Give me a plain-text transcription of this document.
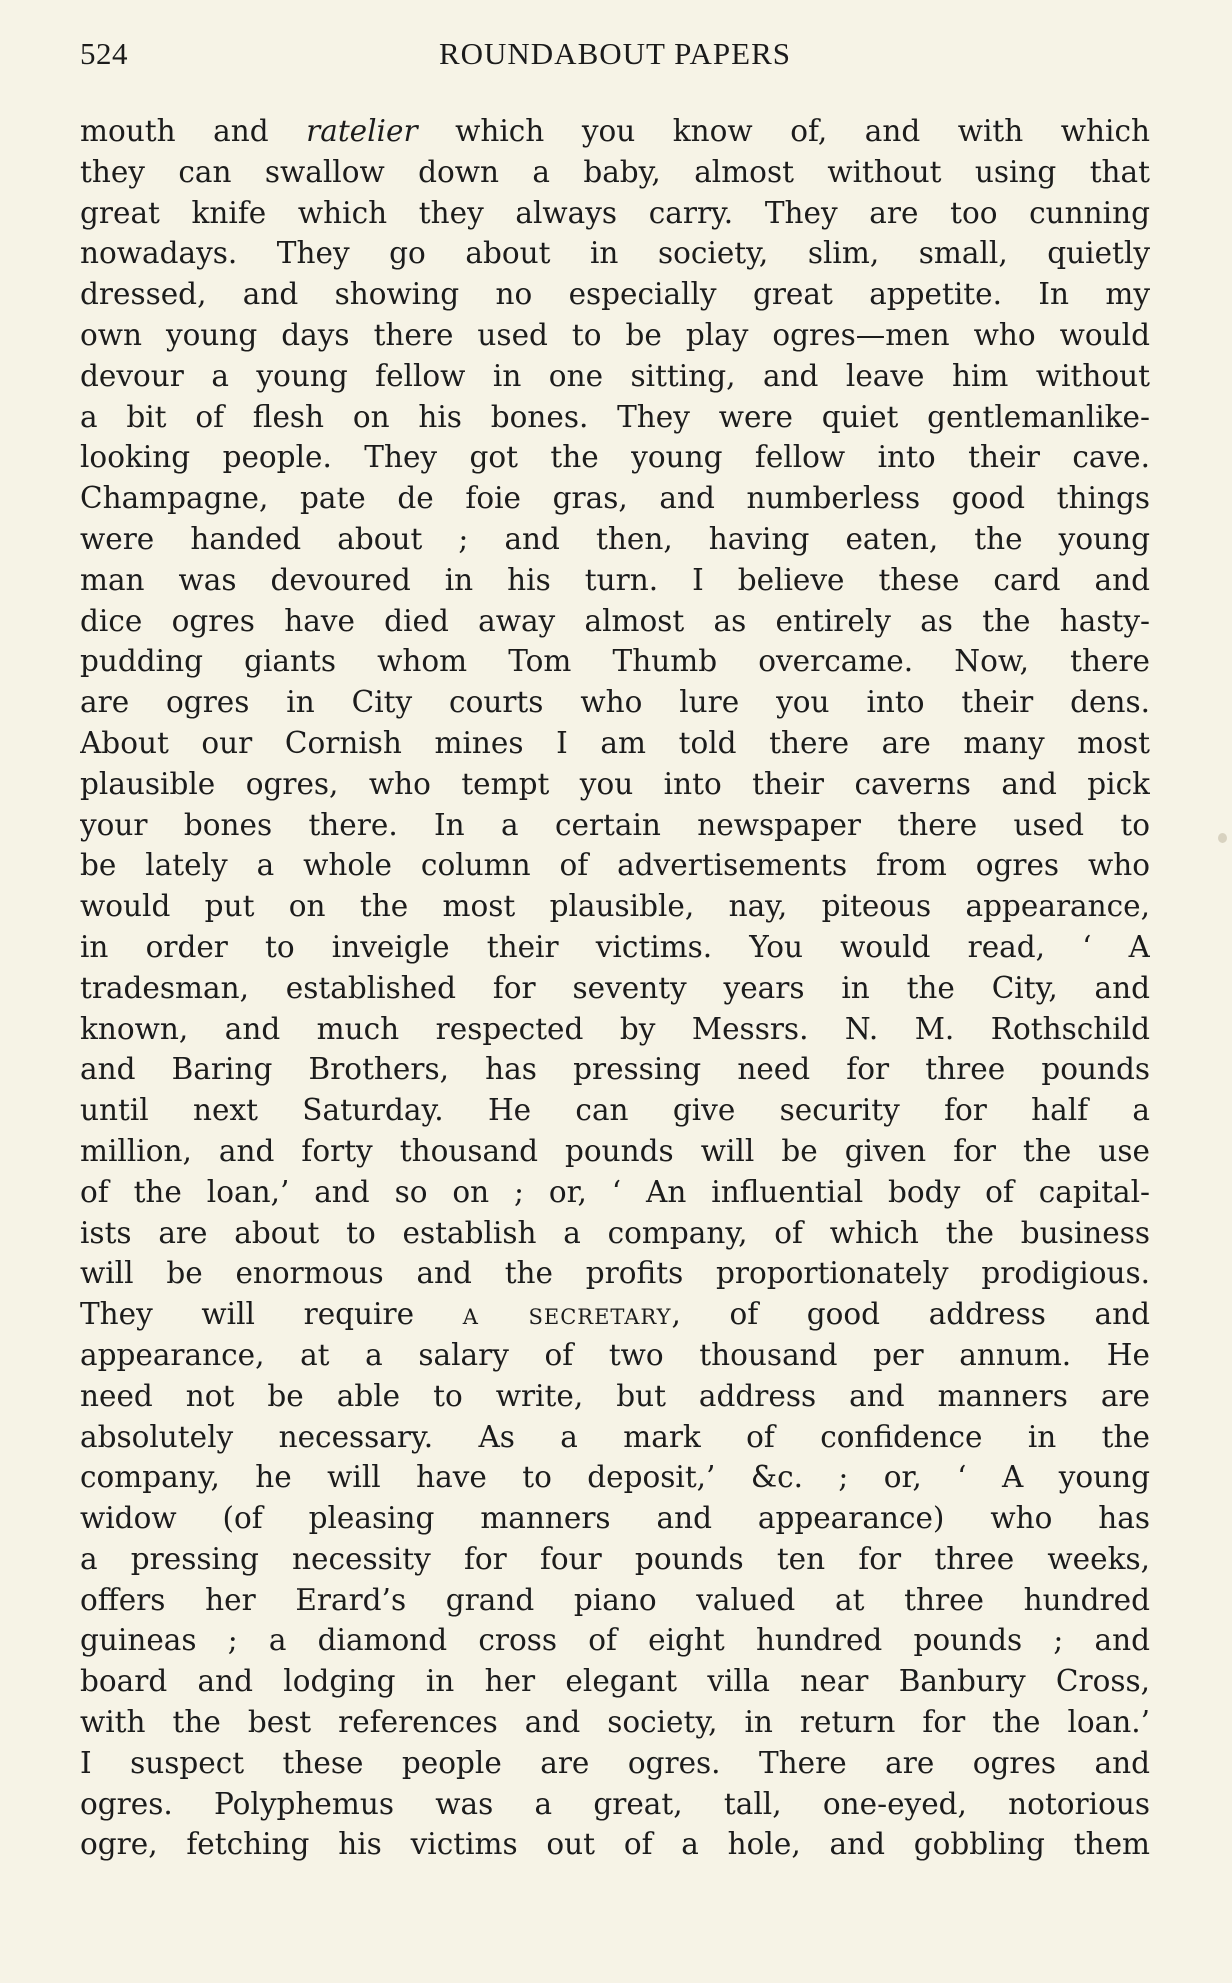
524	ROUNDABOUT PAPERS
mouth and ratelier which you know of, and with which
they can swallow down a baby, almost without using that
great knife which they always carry. They are too cunning
nowadays. They go about in society, slim, small, quietly
dressed, and showing no especially great appetite. In my
own young days there used to be play ogres—men who would
devour a young fellow in one sitting, and leave him without
a bit of flesh on his bones. They were quiet gentlemanlike-
looking people. They got the young fellow into their cave.
Champagne, pate de foie gras, and numberless good things
were handed about ; and then, having eaten, the young
man was devoured in his turn. I believe these card and
dice ogres have died away almost as entirely as the hasty-
pudding giants whom Tom Thumb overcame. Now, there
are ogres in City courts who lure you into their dens.
About our Cornish mines I am told there are many most
plausible ogres, who tempt you into their caverns and pick
your bones there. In a certain newspaper there used to
be lately a whole column of advertisements from ogres who
would put on the most plausible, nay, piteous appearance,
in order to inveigle their victims. You would read, ‘ A
tradesman, established for seventy years in the City, and
known, and much respected by Messrs. N. M. Rothschild
and Baring Brothers, has pressing need for three pounds
until next Saturday. He can give security for half a
million, and forty thousand pounds will be given for the use
of the loan,’ and so on ; or, ‘ An influential body of capital-
ists are about to establish a company, of which the business
will be enormous and the profits proportionately prodigious.
They will require a secretary, of good address and
appearance, at a salary of two thousand per annum. He
need not be able to write, but address and manners are
absolutely necessary. As a mark of confidence in the
company, he will have to deposit,’ &c. ; or, ‘ A young
widow (of pleasing manners and appearance) who has
a pressing necessity for four pounds ten for three weeks,
offers her Erard’s grand piano valued at three hundred
guineas ; a diamond cross of eight hundred pounds ; and
board and lodging in her elegant villa near Banbury Cross,
with the best references and society, in return for the loan.’
I suspect these people are ogres. There are ogres and
ogres. Polyphemus was a great, tall, one-eyed, notorious
ogre, fetching his victims out of a hole, and gobbling them
